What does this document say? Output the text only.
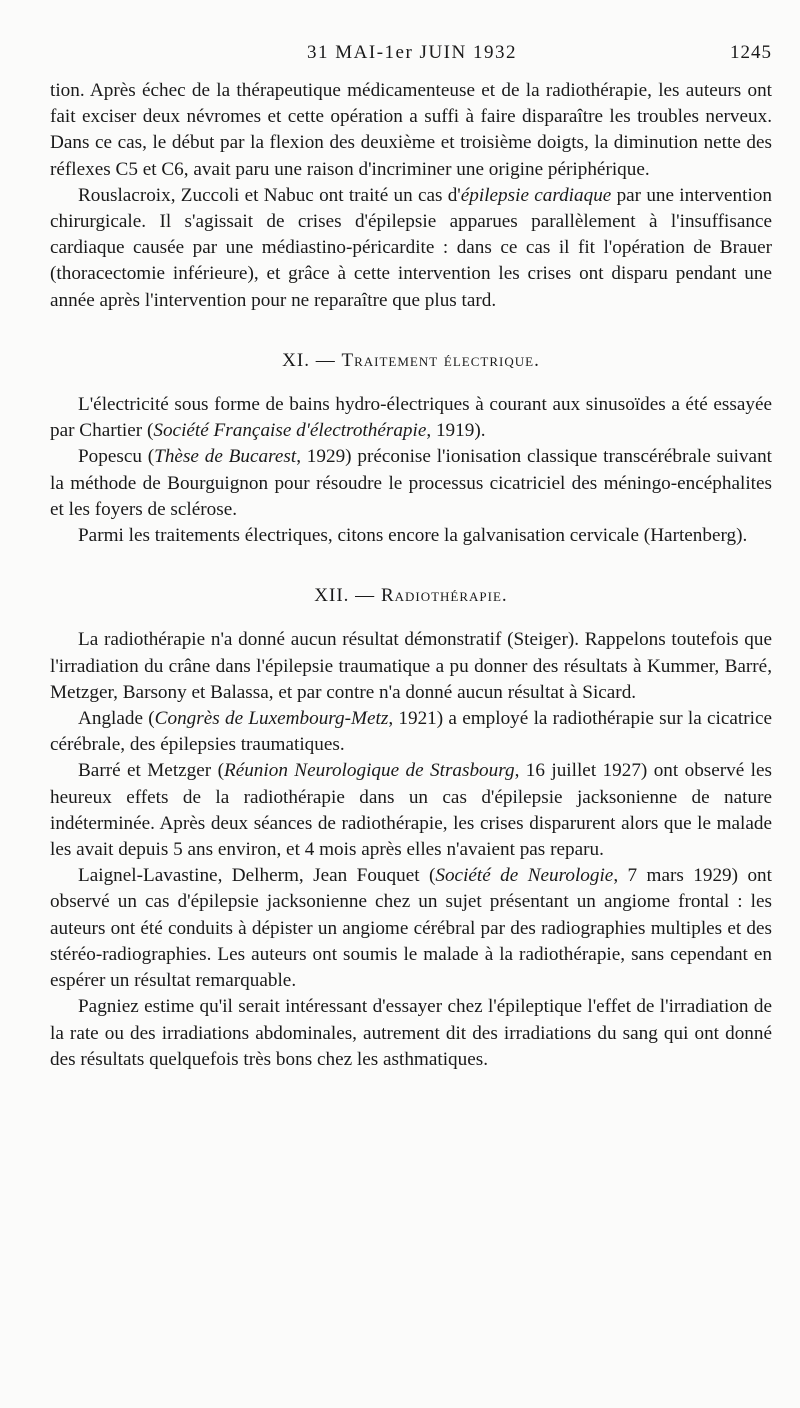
31 MAI-1er JUIN 1932	1245

tion. Après échec de la thérapeutique médicamenteuse et de la radiothérapie, les auteurs ont fait exciser deux névromes et cette opération a suffi à faire disparaître les troubles nerveux. Dans ce cas, le début par la flexion des deuxième et troisième doigts, la diminution nette des réflexes C5 et C6, avait paru une raison d'incriminer une origine périphérique.

Rouslacroix, Zuccoli et Nabuc ont traité un cas d'épilepsie cardiaque par une intervention chirurgicale. Il s'agissait de crises d'épilepsie apparues parallèlement à l'insuffisance cardiaque causée par une médiastino-péricardite : dans ce cas il fit l'opération de Brauer (thoracectomie inférieure), et grâce à cette intervention les crises ont disparu pendant une année après l'intervention pour ne reparaître que plus tard.

XI. — Traitement électrique.

L'électricité sous forme de bains hydro-électriques à courant aux sinusoïdes a été essayée par Chartier (Société Française d'électrothérapie, 1919).

Popescu (Thèse de Bucarest, 1929) préconise l'ionisation classique transcérébrale suivant la méthode de Bourguignon pour résoudre le processus cicatriciel des méningo-encéphalites et les foyers de sclérose.

Parmi les traitements électriques, citons encore la galvanisation cervicale (Hartenberg).

XII. — Radiothérapie.

La radiothérapie n'a donné aucun résultat démonstratif (Steiger). Rappelons toutefois que l'irradiation du crâne dans l'épilepsie traumatique a pu donner des résultats à Kummer, Barré, Metzger, Barsony et Balassa, et par contre n'a donné aucun résultat à Sicard.

Anglade (Congrès de Luxembourg-Metz, 1921) a employé la radiothérapie sur la cicatrice cérébrale, des épilepsies traumatiques.

Barré et Metzger (Réunion Neurologique de Strasbourg, 16 juillet 1927) ont observé les heureux effets de la radiothérapie dans un cas d'épilepsie jacksonienne de nature indéterminée. Après deux séances de radiothérapie, les crises disparurent alors que le malade les avait depuis 5 ans environ, et 4 mois après elles n'avaient pas reparu.

Laignel-Lavastine, Delherm, Jean Fouquet (Société de Neurologie, 7 mars 1929) ont observé un cas d'épilepsie jacksonienne chez un sujet présentant un angiome frontal : les auteurs ont été conduits à dépister un angiome cérébral par des radiographies multiples et des stéréo-radiographies. Les auteurs ont soumis le malade à la radiothérapie, sans cependant en espérer un résultat remarquable.

Pagniez estime qu'il serait intéressant d'essayer chez l'épileptique l'effet de l'irradiation de la rate ou des irradiations abdominales, autrement dit des irradiations du sang qui ont donné des résultats quelquefois très bons chez les asthmatiques.
